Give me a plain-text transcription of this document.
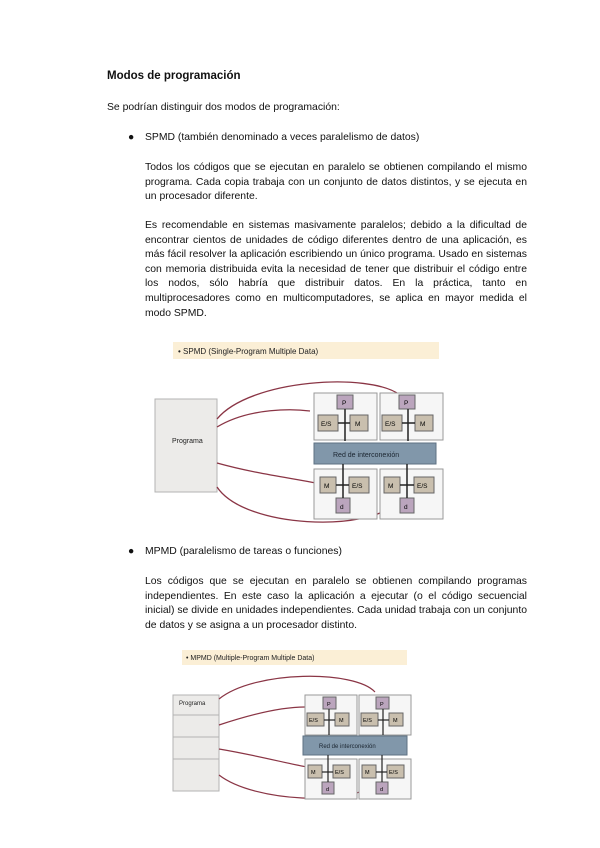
Modos de programación
Se podrían distinguir dos modos de programación:
● SPMD (también denominado a veces paralelismo de datos)
Todos los códigos que se ejecutan en paralelo se obtienen compilando el mismo programa. Cada copia trabaja con un conjunto de datos distintos, y se ejecuta en un procesador diferente.
Es recomendable en sistemas masivamente paralelos; debido a la dificultad de encontrar cientos de unidades de código diferentes dentro de una aplicación, es más fácil resolver la aplicación escribiendo un único programa. Usado en sistemas con memoria distribuida evita la necesidad de tener que distribuir el código entre los nodos, sólo habría que distribuir datos. En la práctica, tanto en multiprocesadores como en multicomputadores, se aplica en mayor medida el modo SPMD.
• SPMD (Single-Program Multiple Data)
Programa
P
E/S	M
P
E/S	M
Red de interconexión
M	E/S
d
M	E/S
d
● MPMD (paralelismo de tareas o funciones)
Los códigos que se ejecutan en paralelo se obtienen compilando programas independientes. En este caso la aplicación a ejecutar (o el código secuencial inicial) se divide en unidades independientes. Cada unidad trabaja con un conjunto de datos y se asigna a un procesador distinto.
• MPMD (Multiple-Program Multiple Data)
Programa	P
E/S	M
P
E/S	M
Red de interconexión
M	E/S
d
M	E/S
d
